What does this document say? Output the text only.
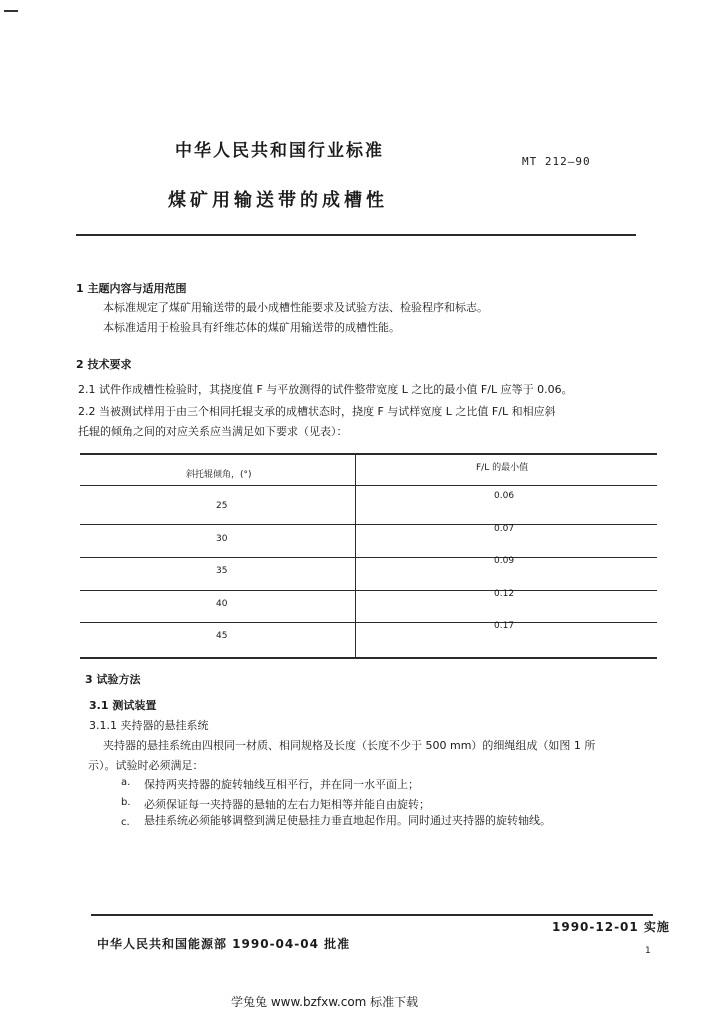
中华人民共和国行业标准
MT 212—90
煤矿用输送带的成槽性
1 主题内容与适用范围
本标准规定了煤矿用输送带的最小成槽性能要求及试验方法、检验程序和标志。
本标准适用于检验具有纤维芯体的煤矿用输送带的成槽性能。
2 技术要求
2.1 试件作成槽性检验时，其挠度值 F 与平放测得的试件整带宽度 L 之比的最小值 F/L 应等于 0.06。
2.2 当被测试样用于由三个相同托辊支承的成槽状态时，挠度 F 与试样宽度 L 之比值 F/L 和相应斜
托辊的倾角之间的对应关系应当满足如下要求（见表）：
斜托辊倾角，(°)
F/L 的最小值
25
0.06
30
0.07
35
0.09
40
0.12
45
0.17
3 试验方法
3.1 测试装置
3.1.1 夹持器的悬挂系统
夹持器的悬挂系统由四根同一材质、相同规格及长度（长度不少于 500 mm）的细绳组成（如图 1 所
示）。试验时必须满足：
a. 保持两夹持器的旋转轴线互相平行，并在同一水平面上；
b. 必须保证每一夹持器的悬轴的左右力矩相等并能自由旋转；
c. 悬挂系统必须能够调整到满足使悬挂力垂直地起作用。同时通过夹持器的旋转轴线。
中华人民共和国能源部 1990-04-04 批准
1990-12-01 实施
1
学兔兔 www.bzfxw.com 标准下载
